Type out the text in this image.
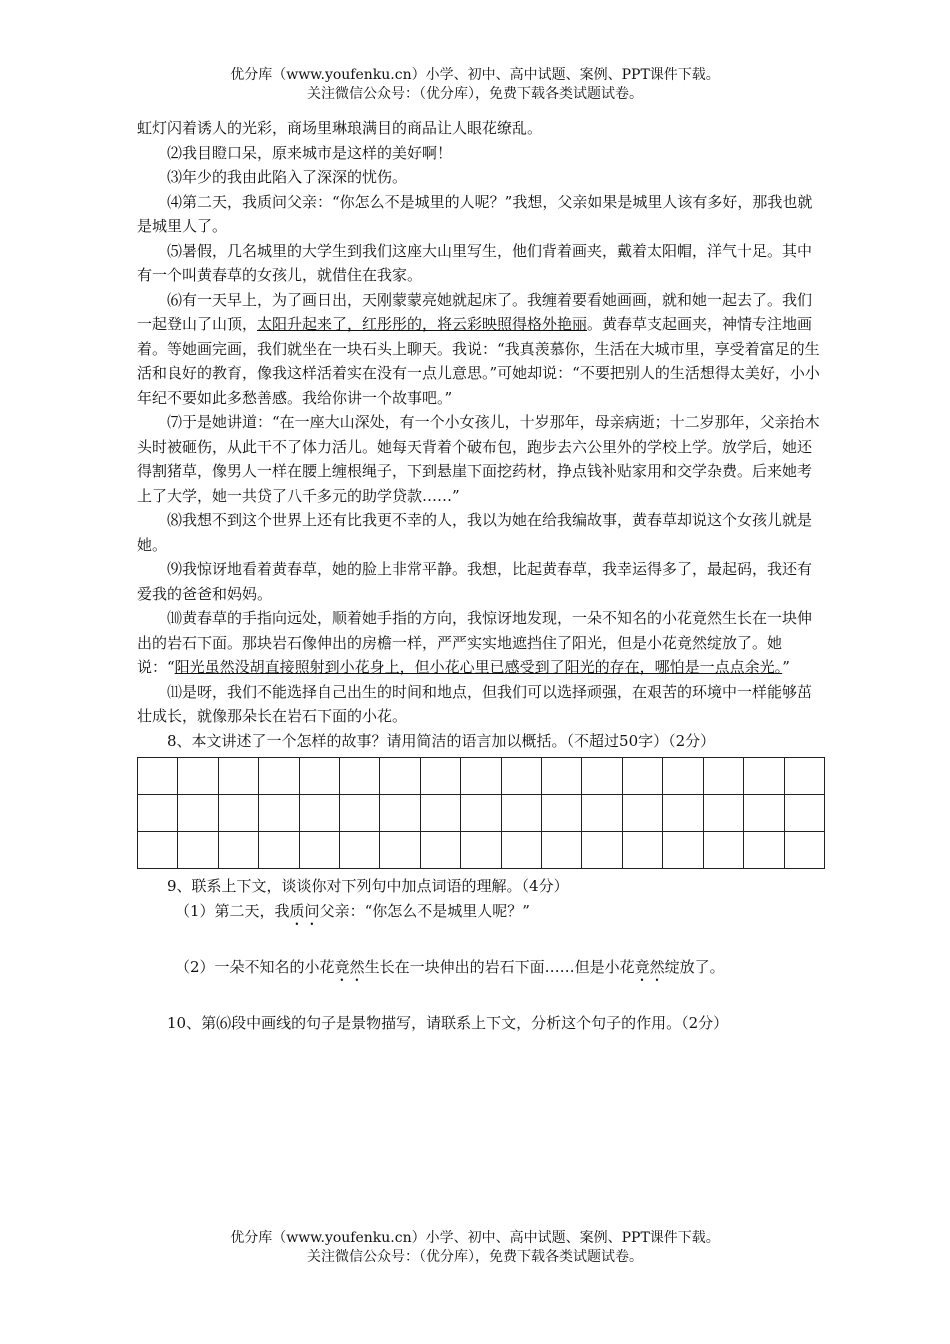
优分库（www.youfenku.cn）小学、初中、高中试题、案例、PPT课件下载。
关注微信公众号：（优分库），免费下载各类试题试卷。

虹灯闪着诱人的光彩，商场里琳琅满目的商品让人眼花缭乱。

⑵我目瞪口呆，原来城市是这样的美好啊！

⑶年少的我由此陷入了深深的忧伤。

⑷第二天，我质问父亲：“你怎么不是城里的人呢？”我想，父亲如果是城里人该有多好，那我也就是城里人了。

⑸暑假，几名城里的大学生到我们这座大山里写生，他们背着画夹，戴着太阳帽，洋气十足。其中有一个叫黄春草的女孩儿，就借住在我家。

⑹有一天早上，为了画日出，天刚蒙蒙亮她就起床了。我缠着要看她画画，就和她一起去了。我们一起登山了山顶，太阳升起来了，红彤彤的，将云彩映照得格外艳丽。黄春草支起画夹，神情专注地画着。等她画完画，我们就坐在一块石头上聊天。我说：“我真羡慕你，生活在大城市里，享受着富足的生活和良好的教育，像我这样活着实在没有一点儿意思。”可她却说：“不要把别人的生活想得太美好，小小年纪不要如此多愁善感。我给你讲一个故事吧。”

⑺于是她讲道：“在一座大山深处，有一个小女孩儿，十岁那年，母亲病逝；十二岁那年，父亲抬木头时被砸伤，从此干不了体力活儿。她每天背着个破布包，跑步去六公里外的学校上学。放学后，她还得割猪草，像男人一样在腰上缠根绳子，下到悬崖下面挖药材，挣点钱补贴家用和交学杂费。后来她考上了大学，她一共贷了八千多元的助学贷款……”

⑻我想不到这个世界上还有比我更不幸的人，我以为她在给我编故事，黄春草却说这个女孩儿就是她。

⑼我惊讶地看着黄春草，她的脸上非常平静。我想，比起黄春草，我幸运得多了，最起码，我还有爱我的爸爸和妈妈。

⑽黄春草的手指向远处，顺着她手指的方向，我惊讶地发现，一朵不知名的小花竟然生长在一块伸出的岩石下面。那块岩石像伸出的房檐一样，严严实实地遮挡住了阳光，但是小花竟然绽放了。她说：“阳光虽然没胡直接照射到小花身上，但小花心里已感受到了阳光的存在，哪怕是一点点余光。”

⑾是呀，我们不能选择自己出生的时间和地点，但我们可以选择顽强，在艰苦的环境中一样能够茁壮成长，就像那朵长在岩石下面的小花。

8、本文讲述了一个怎样的故事？请用简洁的语言加以概括。（不超过50字）（2分）

9、联系上下文，谈谈你对下列句中加点词语的理解。（4分）

（1）第二天，我质问父亲：“你怎么不是城里人呢？”

（2）一朵不知名的小花竟然生长在一块伸出的岩石下面……但是小花竟然绽放了。

10、第⑹段中画线的句子是景物描写，请联系上下文，分析这个句子的作用。（2分）

优分库（www.youfenku.cn）小学、初中、高中试题、案例、PPT课件下载。
关注微信公众号：（优分库），免费下载各类试题试卷。
